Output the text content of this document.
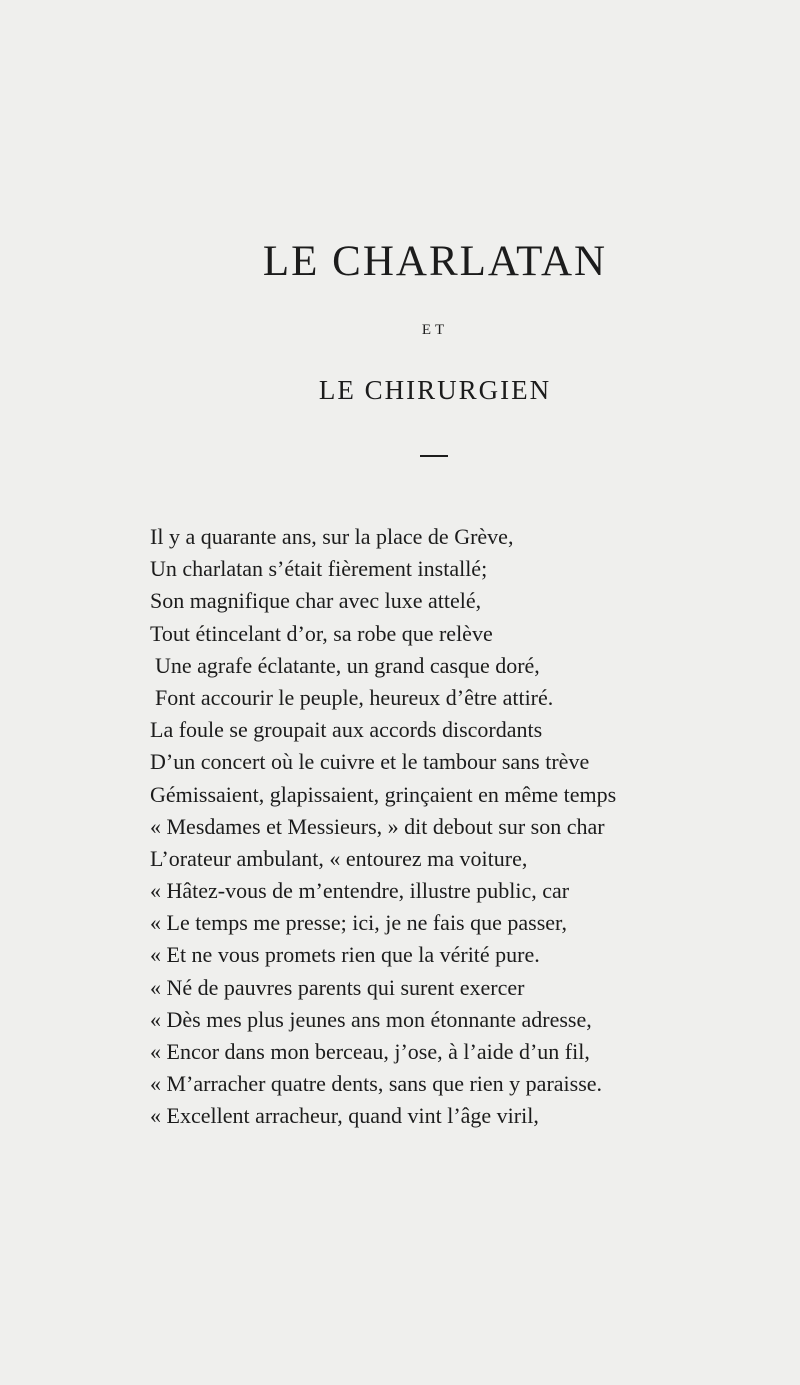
LE CHARLATAN
ET
LE CHIRURGIEN
Il y a quarante ans, sur la place de Grève,
Un charlatan s’était fièrement installé;
Son magnifique char avec luxe attelé,
Tout étincelant d’or, sa robe que relève
Une agrafe éclatante, un grand casque doré,
Font accourir le peuple, heureux d’être attiré.
La foule se groupait aux accords discordants
D’un concert où le cuivre et le tambour sans trève
Gémissaient, glapissaient, grinçaient en même temps
« Mesdames et Messieurs, » dit debout sur son char
L’orateur ambulant, « entourez ma voiture,
« Hâtez-vous de m’entendre, illustre public, car
« Le temps me presse; ici, je ne fais que passer,
« Et ne vous promets rien que la vérité pure.
« Né de pauvres parents qui surent exercer
« Dès mes plus jeunes ans mon étonnante adresse,
« Encor dans mon berceau, j’ose, à l’aide d’un fil,
« M’arracher quatre dents, sans que rien y paraisse.
« Excellent arracheur, quand vint l’âge viril,
